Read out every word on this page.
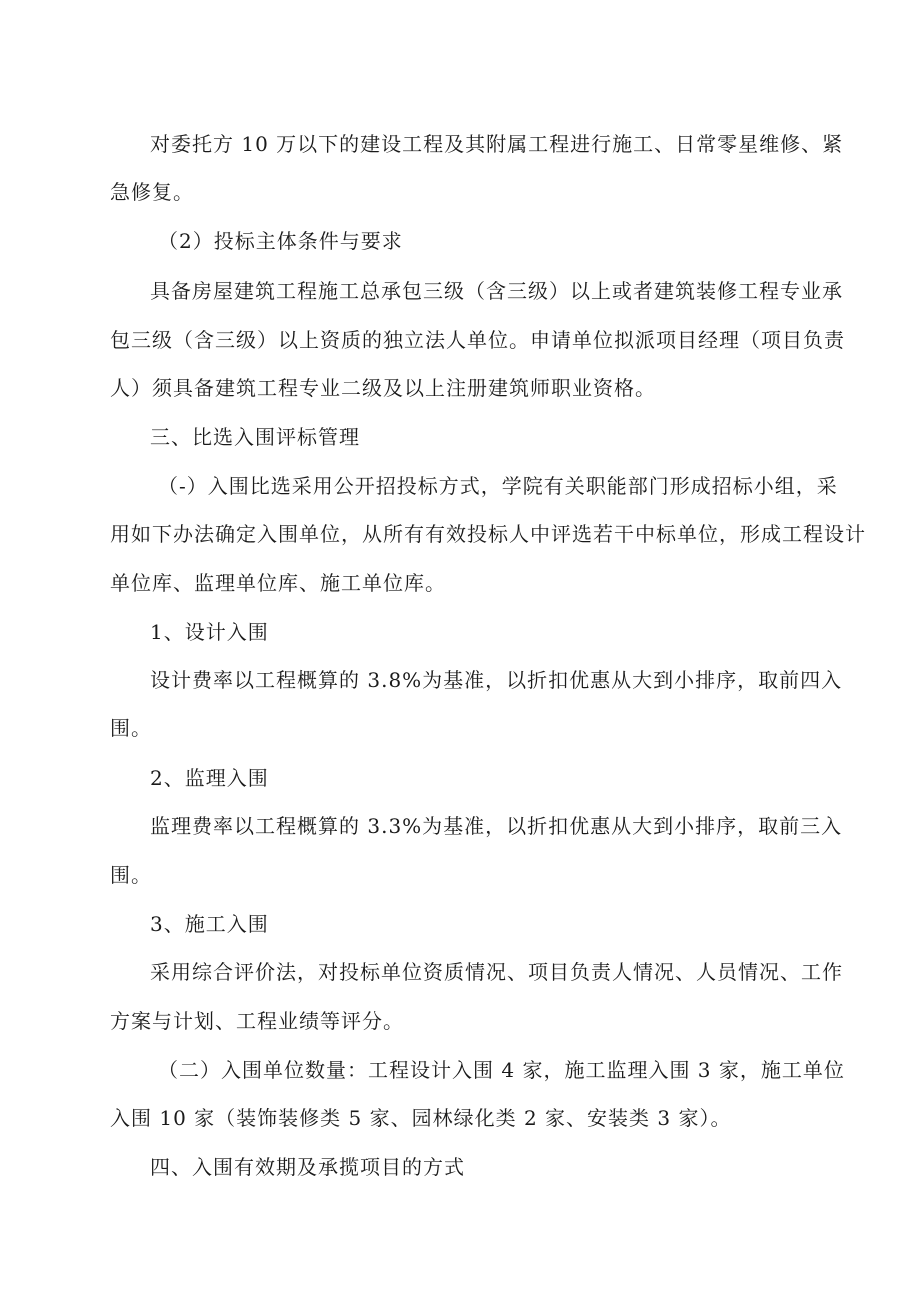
对委托方 10 万以下的建设工程及其附属工程进行施工、日常零星维修、紧
急修复。
（2）投标主体条件与要求
具备房屋建筑工程施工总承包三级（含三级）以上或者建筑装修工程专业承
包三级（含三级）以上资质的独立法人单位。申请单位拟派项目经理（项目负责
人）须具备建筑工程专业二级及以上注册建筑师职业资格。
三、比选入围评标管理
（-）入围比选采用公开招投标方式，学院有关职能部门形成招标小组，采
用如下办法确定入围单位，从所有有效投标人中评选若干中标单位，形成工程设计
单位库、监理单位库、施工单位库。
1、设计入围
设计费率以工程概算的 3.8%为基准，以折扣优惠从大到小排序，取前四入
围。
2、监理入围
监理费率以工程概算的 3.3%为基准，以折扣优惠从大到小排序，取前三入
围。
3、施工入围
采用综合评价法，对投标单位资质情况、项目负责人情况、人员情况、工作
方案与计划、工程业绩等评分。
（二）入围单位数量：工程设计入围 4 家，施工监理入围 3 家，施工单位
入围 10 家（装饰装修类 5 家、园林绿化类 2 家、安装类 3 家）。
四、入围有效期及承揽项目的方式
